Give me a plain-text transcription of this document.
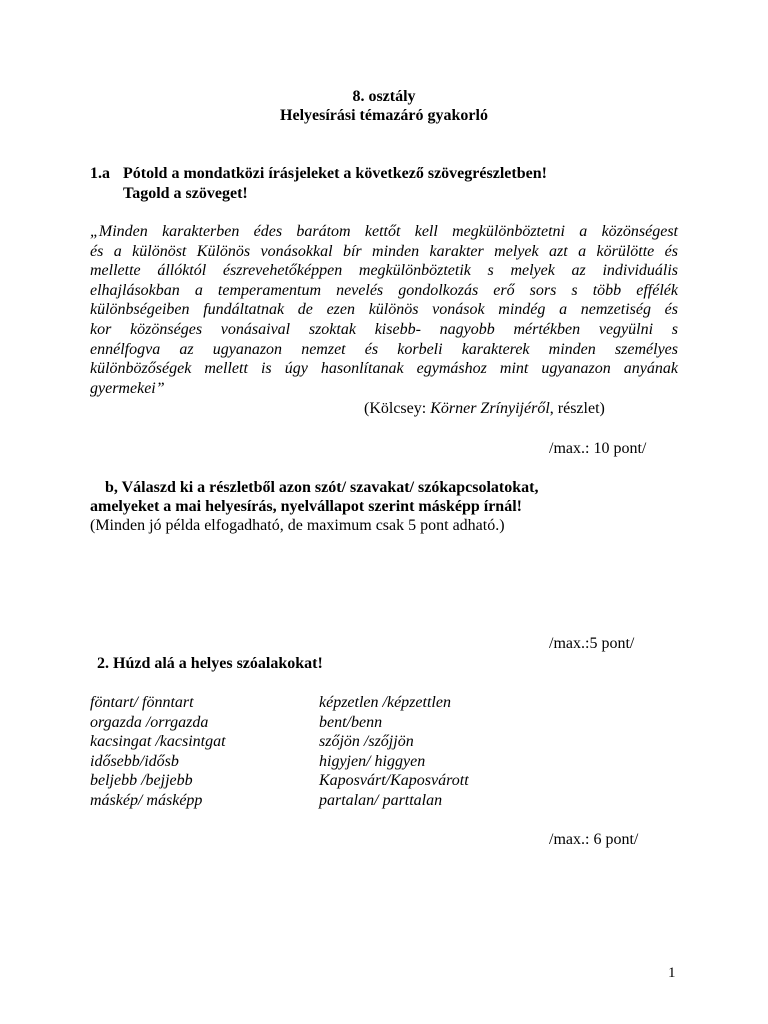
8. osztály
Helyesírási témazáró gyakorló
1.a Pótold a mondatközi írásjeleket a következő szövegrészletben!
Tagold a szöveget!
„Minden karakterben édes barátom kettőt kell megkülönböztetni a közönségest
és a különöst Különös vonásokkal bír minden karakter melyek azt a körülötte és
mellette állóktól észrevehetőképpen megkülönböztetik s melyek az individuális
elhajlásokban a temperamentum nevelés gondolkozás erő sors s több effélék
különbségeiben fundáltatnak de ezen különös vonások mindég a nemzetiség és
kor közönséges vonásaival szoktak kisebb- nagyobb mértékben vegyülni s
ennélfogva az ugyanazon nemzet és korbeli karakterek minden személyes
különbözőségek mellett is úgy hasonlítanak egymáshoz mint ugyanazon anyának
gyermekei”
(Kölcsey: Körner Zrínyijéről, részlet)
/max.: 10 pont/
b, Válaszd ki a részletből azon szót/ szavakat/ szókapcsolatokat,
amelyeket a mai helyesírás, nyelvállapot szerint másképp írnál!
(Minden jó példa elfogadható, de maximum csak 5 pont adható.)
/max.:5 pont/
2. Húzd alá a helyes szóalakokat!
föntart/ fönntart
orgazda /orrgazda
kacsingat /kacsintgat
idősebb/idősb
beljebb /bejjebb
máskép/ másképp
képzetlen /képzettlen
bent/benn
szőjön /szőjjön
higyjen/ higgyen
Kaposvárt/Kaposvárott
partalan/ parttalan
/max.: 6 pont/
1
